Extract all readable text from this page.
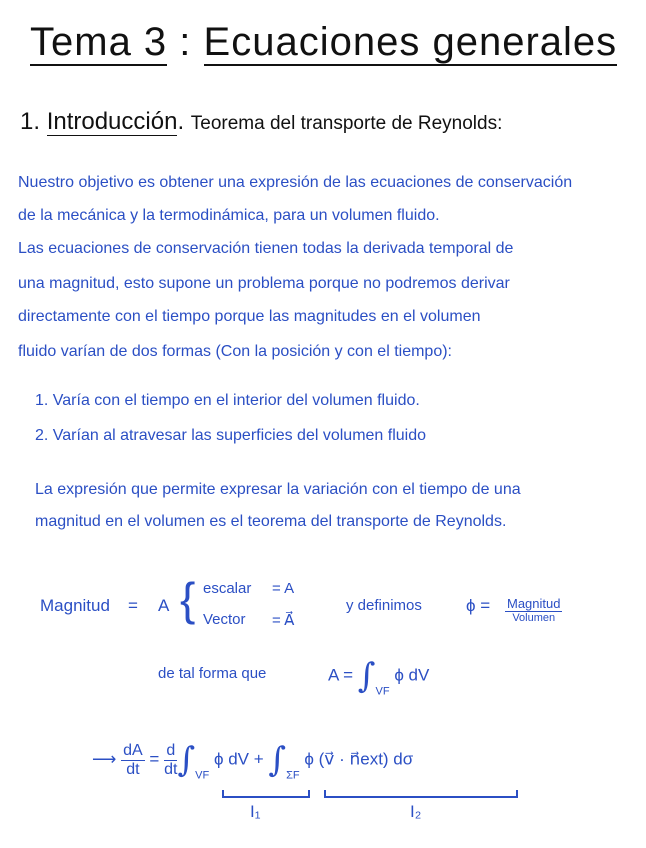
Tema 3 : Ecuaciones generales
1. Introducción. Teorema del transporte de Reynolds:
Nuestro objetivo es obtener una expresión de las ecuaciones de conservación
de la mecánica y la termodinámica, para un volumen fluido.
Las ecuaciones de conservación tienen todas la derivada temporal de
una magnitud, esto supone un problema porque no podremos derivar
directamente con el tiempo porque las magnitudes en el volumen
fluido varían de dos formas (Con la posición y con el tiempo):
1. Varía con el tiempo en el interior del volumen fluido.
2. Varían al atravesar las superficies del volumen fluido
La expresión que permite expresar la variación con el tiempo de una
magnitud en el volumen es el teorema del transporte de Reynolds.
Magnitud = A { escalar = A
Vector = A⃗
y definimos	ϕ = Magnitud
Volumen
de tal forma que	$A = \int_{VF}$ ϕ dV
⟶ $\frac{dA}{dt} = \frac{d}{dt} \int_{VF}$ ϕ dV + $\int_{\Sigma F}$ ϕ (v⃗ · n⃗ext) dσ
I₁	I₂
